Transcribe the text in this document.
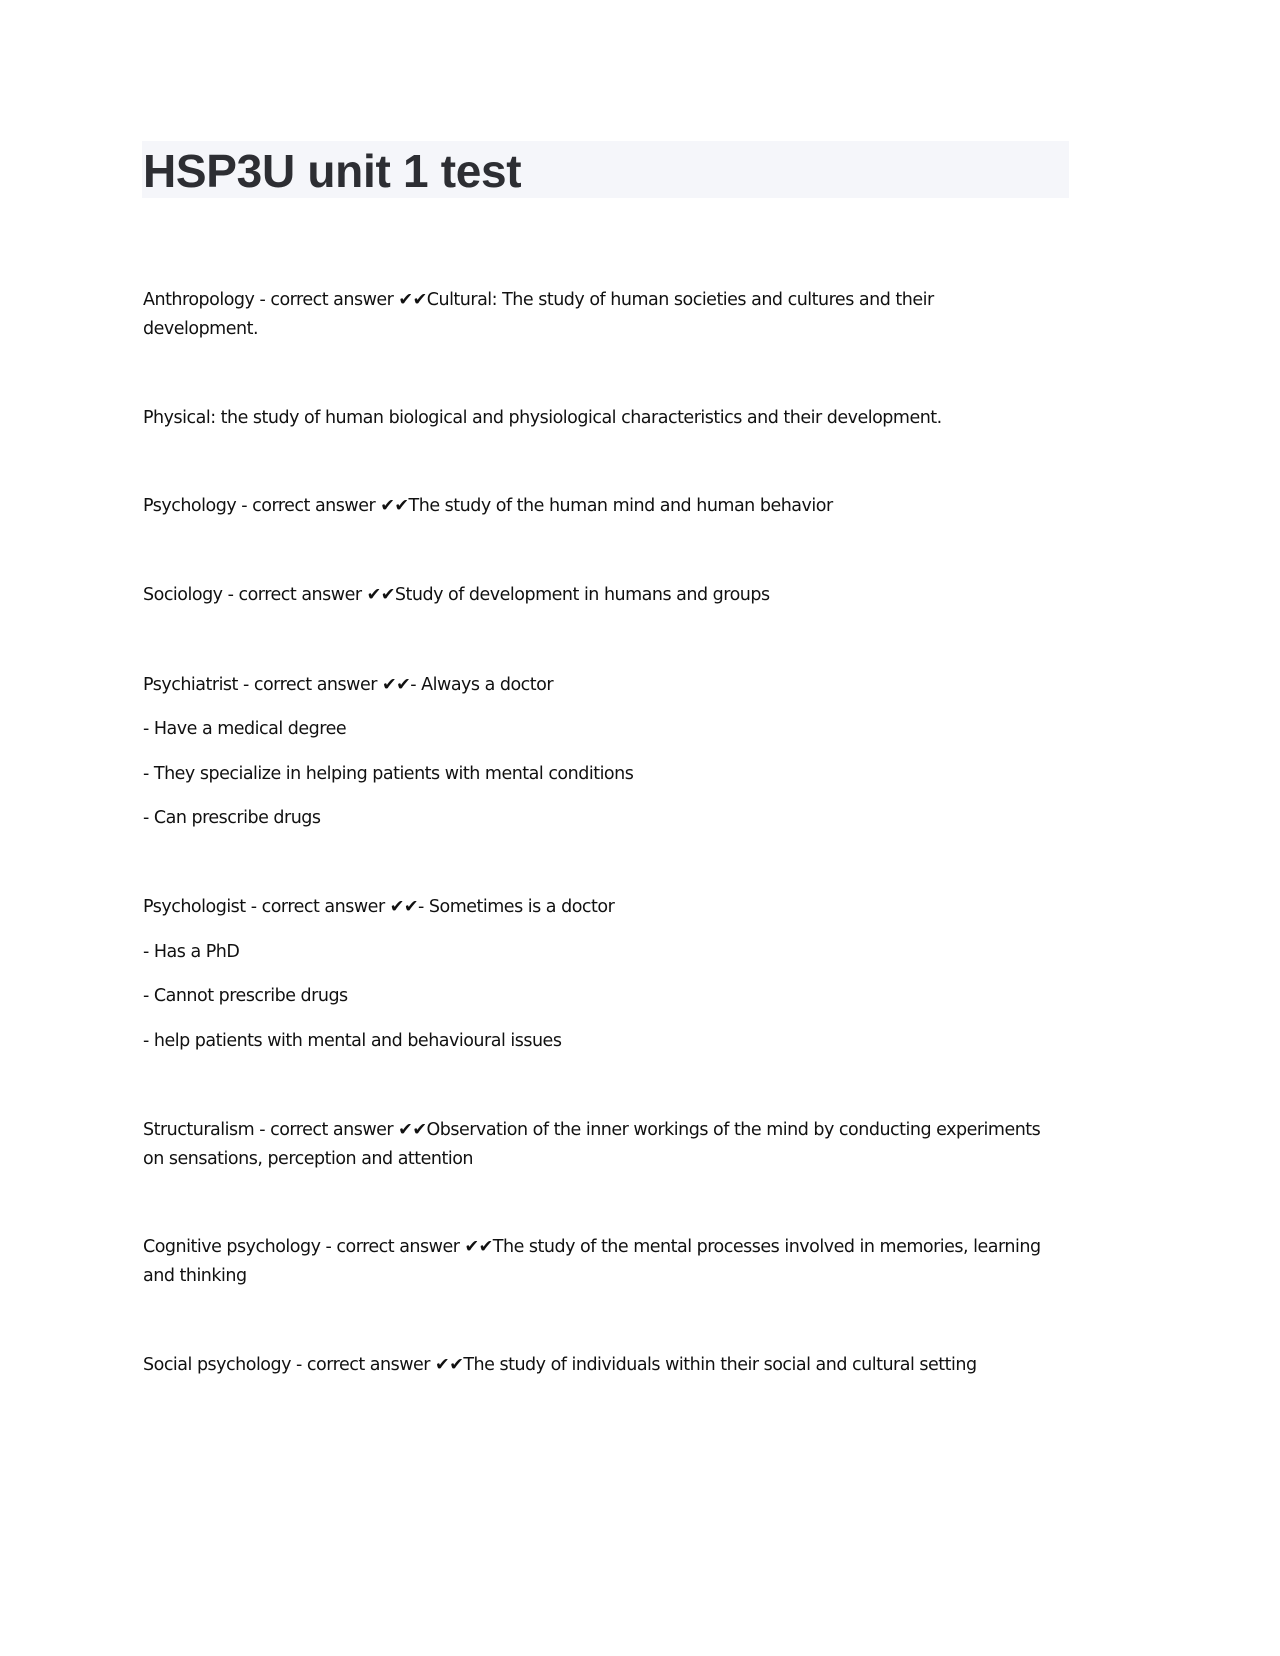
HSP3U unit 1 test

Anthropology - correct answer ✔✔Cultural: The study of human societies and cultures and their development.

Physical: the study of human biological and physiological characteristics and their development.

Psychology - correct answer ✔✔The study of the human mind and human behavior

Sociology - correct answer ✔✔Study of development in humans and groups

Psychiatrist - correct answer ✔✔- Always a doctor

- Have a medical degree

- They specialize in helping patients with mental conditions

- Can prescribe drugs

Psychologist - correct answer ✔✔- Sometimes is a doctor

- Has a PhD

- Cannot prescribe drugs

- help patients with mental and behavioural issues

Structuralism - correct answer ✔✔Observation of the inner workings of the mind by conducting experiments on sensations, perception and attention

Cognitive psychology - correct answer ✔✔The study of the mental processes involved in memories, learning and thinking

Social psychology - correct answer ✔✔The study of individuals within their social and cultural setting
